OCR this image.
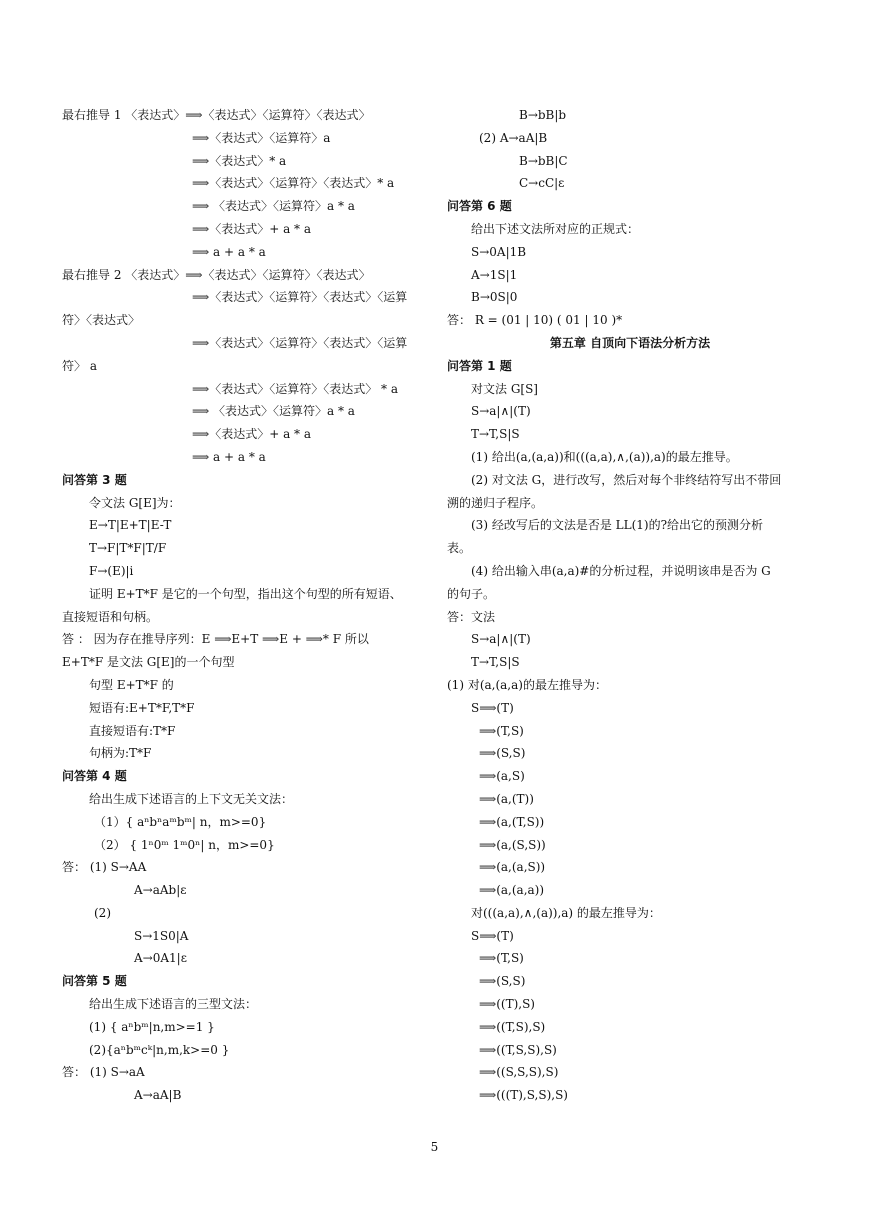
最右推导 1 〈表达式〉⟹〈表达式〉〈运算符〉〈表达式〉
⟹〈表达式〉〈运算符〉a
⟹〈表达式〉* a
⟹〈表达式〉〈运算符〉〈表达式〉* a
⟹ 〈表达式〉〈运算符〉a * a
⟹〈表达式〉+ a * a
⟹ a + a * a
最右推导 2 〈表达式〉⟹〈表达式〉〈运算符〉〈表达式〉
⟹〈表达式〉〈运算符〉〈表达式〉〈运算
符〉〈表达式〉
⟹〈表达式〉〈运算符〉〈表达式〉〈运算
符〉 a
⟹〈表达式〉〈运算符〉〈表达式〉 * a
⟹ 〈表达式〉〈运算符〉a * a
⟹〈表达式〉+ a * a
⟹ a + a * a
问答第 3 题
令文法 G[E]为：
E→T|E+T|E-T
T→F|T*F|T/F
F→(E)|i
证明 E+T*F 是它的一个句型，指出这个句型的所有短语、
直接短语和句柄。
答 ： 因为存在推导序列：E ⟹E+T ⟹E + ⟹* F 所以
E+T*F 是文法 G[E]的一个句型
句型 E+T*F 的
短语有:E+T*F,T*F
直接短语有:T*F
句柄为:T*F
问答第 4 题
给出生成下述语言的上下文无关文法：
（1）{ aⁿbⁿaᵐbᵐ| n，m>=0}
（2） { 1ⁿ0ᵐ 1ᵐ0ⁿ| n，m>=0}
答： (1) S→AA
A→aAb|ε
(2)
S→1S0|A
A→0A1|ε
问答第 5 题
给出生成下述语言的三型文法：
(1) { aⁿbᵐ|n,m>=1 }
(2){aⁿbᵐcᵏ|n,m,k>=0 }
答： (1) S→aA
A→aA|B
B→bB|b
(2) A→aA|B
B→bB|C
C→cC|ε
问答第 6 题
给出下述文法所对应的正规式：
S→0A|1B
A→1S|1
B→0S|0
答： R = (01 | 10) ( 01 | 10 )*
第五章 自顶向下语法分析方法
问答第 1 题
对文法 G[S]
S→a|∧|(T)
T→T,S|S
(1) 给出(a,(a,a))和(((a,a),∧,(a)),a)的最左推导。
(2) 对文法 G，进行改写，然后对每个非终结符写出不带回
溯的递归子程序。
(3) 经改写后的文法是否是 LL(1)的?给出它的预测分析
表。
(4) 给出输入串(a,a)#的分析过程，并说明该串是否为 G
的句子。
答：文法
S→a|∧|(T)
T→T,S|S
(1) 对(a,(a,a)的最左推导为：
S⟹(T)
⟹(T,S)
⟹(S,S)
⟹(a,S)
⟹(a,(T))
⟹(a,(T,S))
⟹(a,(S,S))
⟹(a,(a,S))
⟹(a,(a,a))
对(((a,a),∧,(a)),a) 的最左推导为：
S⟹(T)
⟹(T,S)
⟹(S,S)
⟹((T),S)
⟹((T,S),S)
⟹((T,S,S),S)
⟹((S,S,S),S)
⟹(((T),S,S),S)
5
